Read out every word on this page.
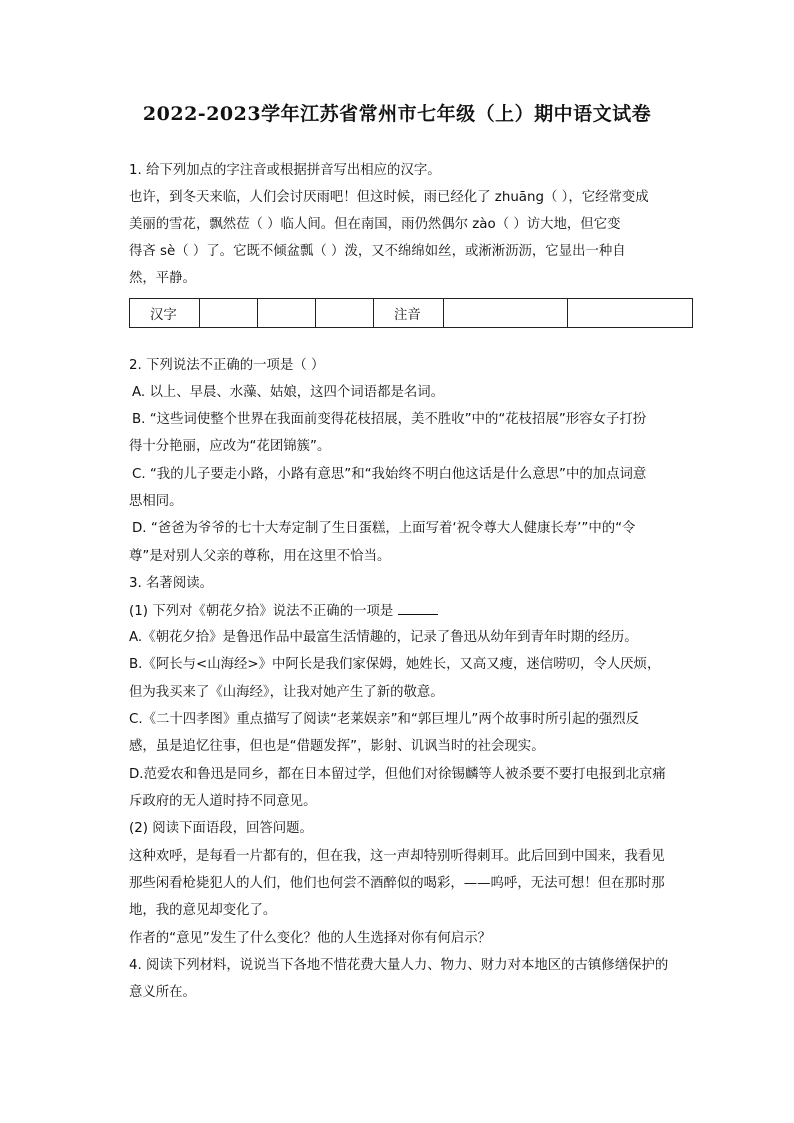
2022-2023学年江苏省常州市七年级（上）期中语文试卷
1. 给下列加点的字注音或根据拼音写出相应的汉字。
也许，到冬天来临，人们会讨厌雨吧！但这时候，雨已经化了 zhuāng（ ），它经常变成
美丽的雪花，飘然莅（ ）临人间。但在南国，雨仍然偶尔 zào（ ）访大地，但它变
得吝 sè（ ）了。它既不倾盆瓢（ ）泼，又不绵绵如丝，或淅淅沥沥，它显出一种自
然，平静。
汉字				注音		
2. 下列说法不正确的一项是（ ）
A. 以上、早晨、水藻、姑娘，这四个词语都是名词。
B. “这些词使整个世界在我面前变得花枝招展，美不胜收”中的“花枝招展”形容女子打扮
得十分艳丽，应改为“花团锦簇”。
C. “我的儿子要走小路，小路有意思”和“我始终不明白他这话是什么意思”中的加点词意
思相同。
D. “爸爸为爷爷的七十大寿定制了生日蛋糕，上面写着‘祝令尊大人健康长寿’”中的“令
尊”是对别人父亲的尊称，用在这里不恰当。
3. 名著阅读。
(1) 下列对《朝花夕拾》说法不正确的一项是
A.《朝花夕拾》是鲁迅作品中最富生活情趣的，记录了鲁迅从幼年到青年时期的经历。
B.《阿长与<山海经>》中阿长是我们家保姆，她姓长，又高又瘦，迷信唠叨，令人厌烦，
但为我买来了《山海经》，让我对她产生了新的敬意。
C.《二十四孝图》重点描写了阅读“老莱娱亲”和“郭巨埋儿”两个故事时所引起的强烈反
感，虽是追忆往事，但也是“借题发挥”，影射、讥讽当时的社会现实。
D.范爱农和鲁迅是同乡，都在日本留过学，但他们对徐锡麟等人被杀要不要打电报到北京痛
斥政府的无人道时持不同意见。
(2) 阅读下面语段，回答问题。
这种欢呼，是每看一片都有的，但在我，这一声却特别听得刺耳。此后回到中国来，我看见
那些闲看枪毙犯人的人们，他们也何尝不酒醉似的喝彩，——呜呼，无法可想！但在那时那
地，我的意见却变化了。
作者的“意见”发生了什么变化？他的人生选择对你有何启示？
4. 阅读下列材料，说说当下各地不惜花费大量人力、物力、财力对本地区的古镇修缮保护的
意义所在。
